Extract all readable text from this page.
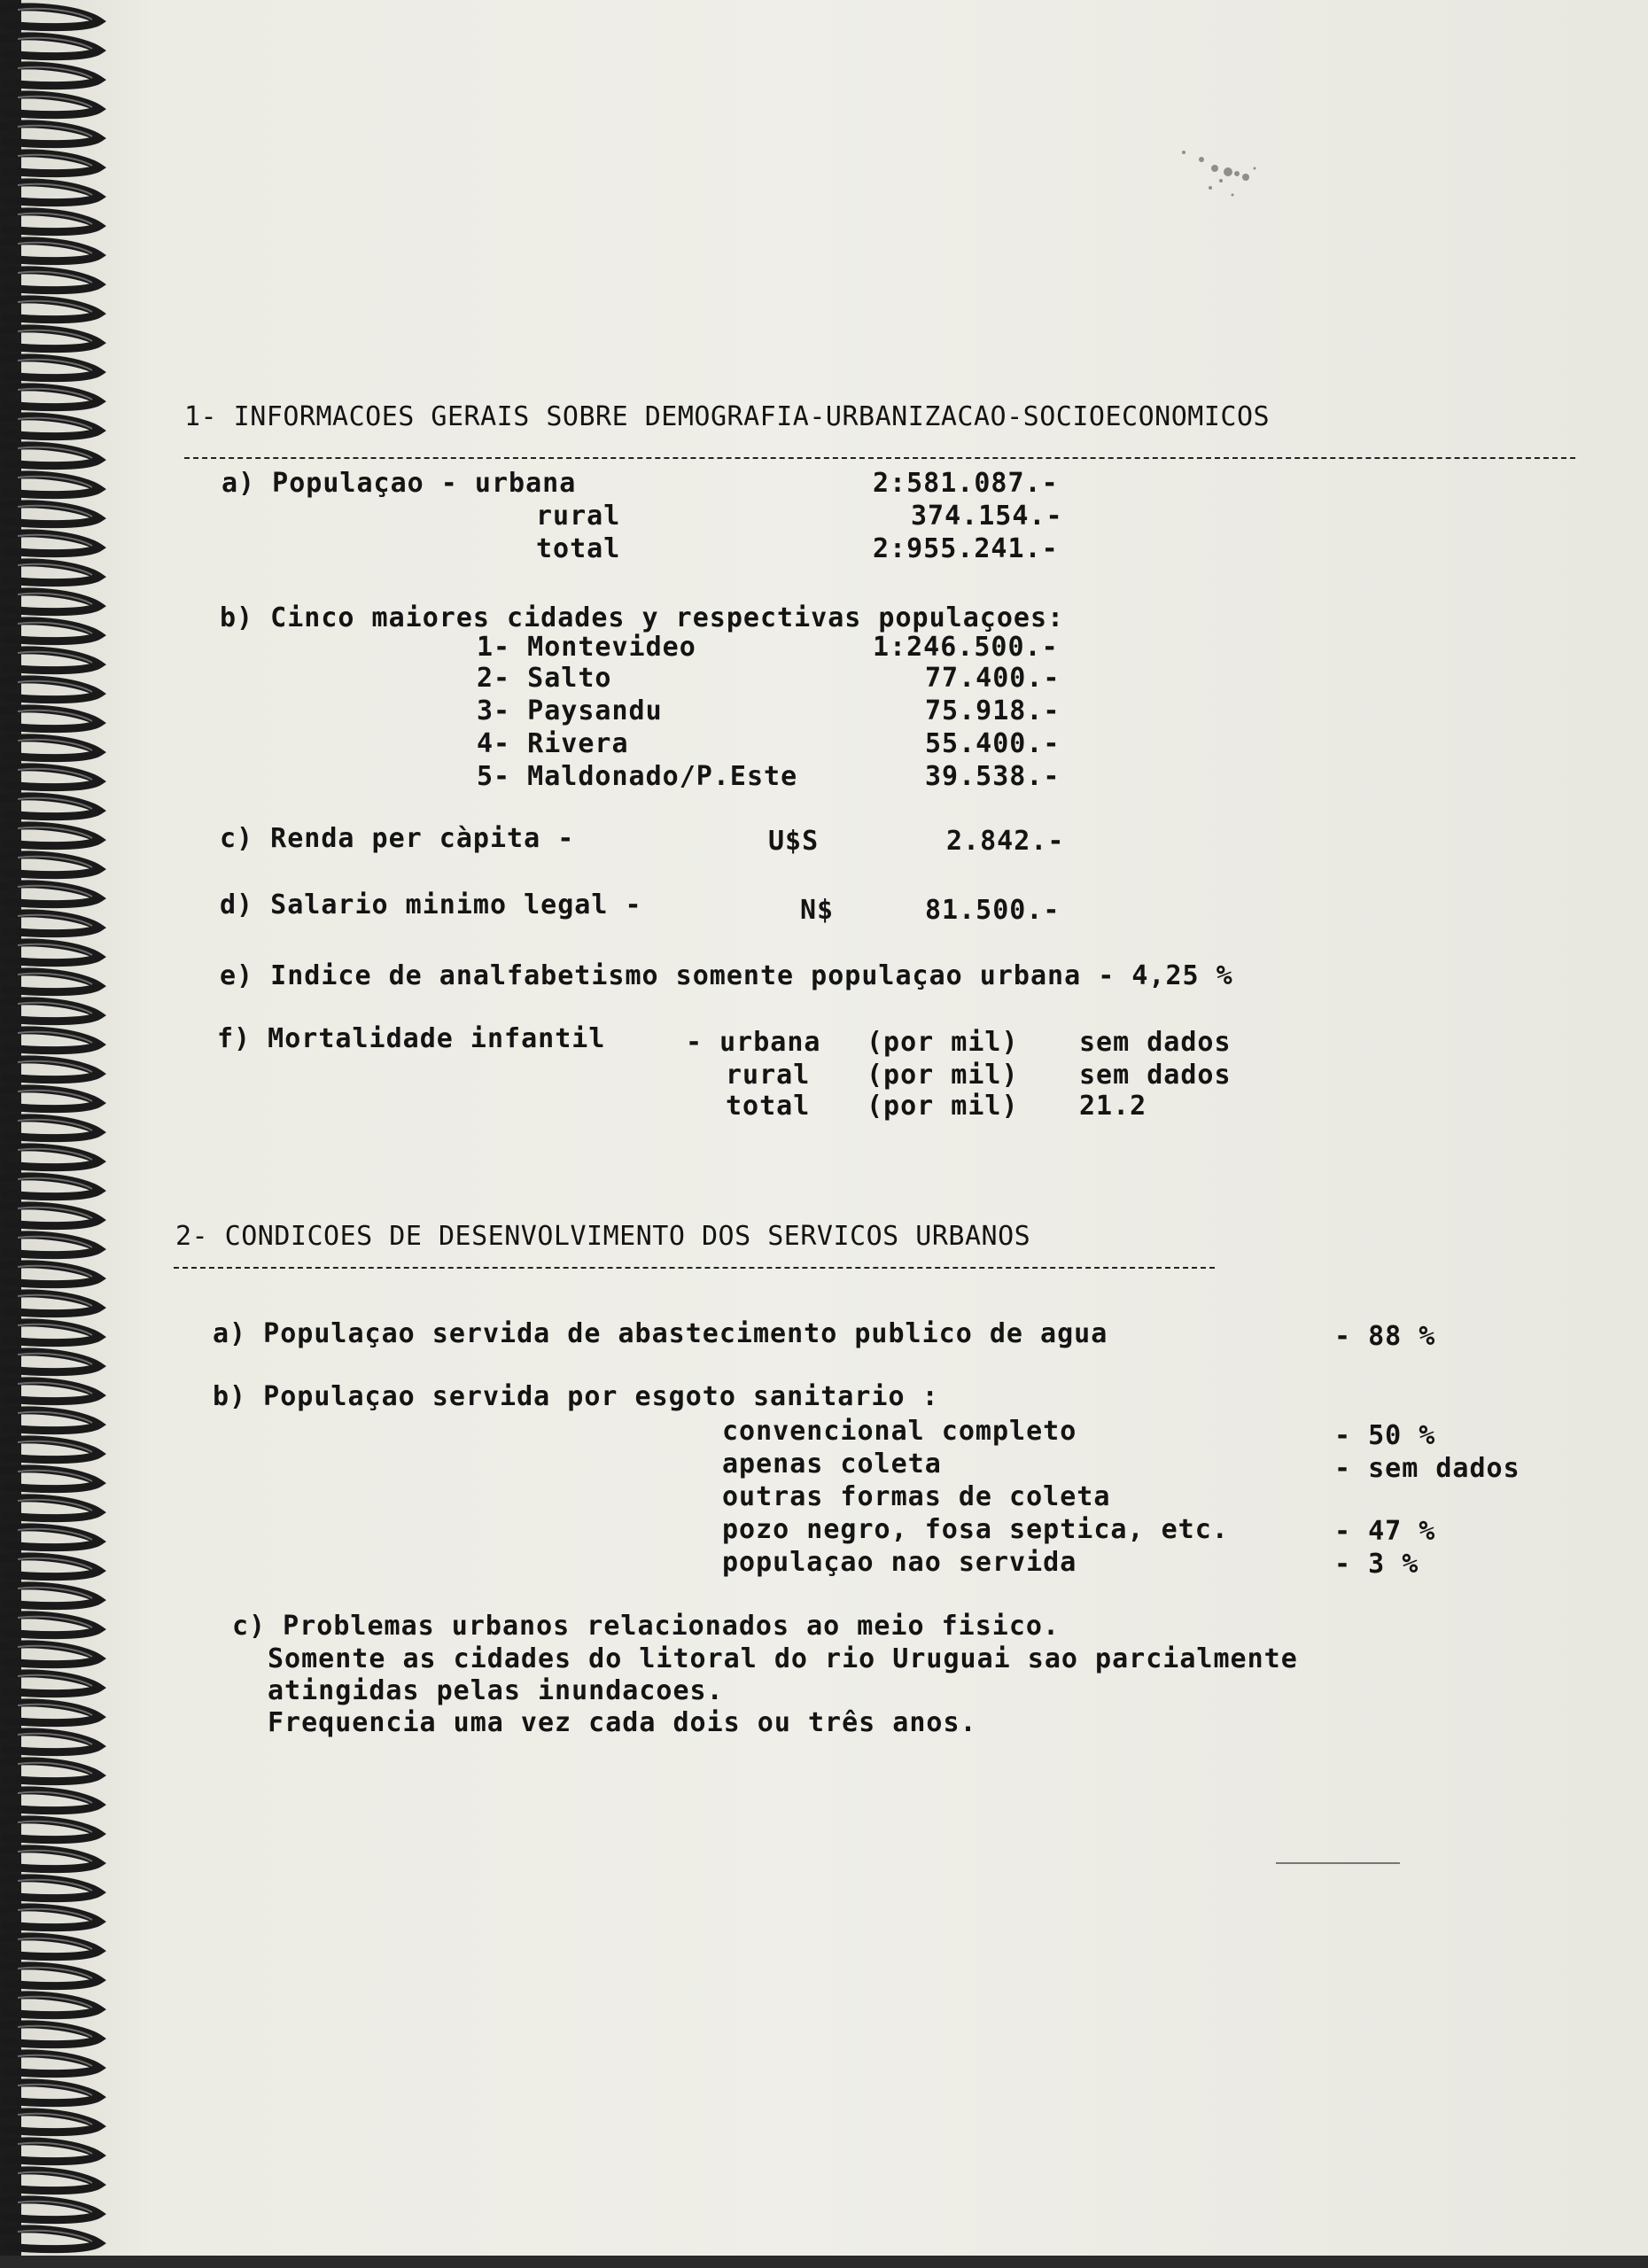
1- INFORMACOES GERAIS SOBRE DEMOGRAFIA-URBANIZACAO-SOCIOECONOMICOS
a) Populaçao - urbana	2:581.087.-
rural	374.154.-
total	2:955.241.-
b) Cinco maiores cidades y respectivas populaçoes:
1- Montevideo	1:246.500.-
2- Salto	77.400.-
3- Paysandu	75.918.-
4- Rivera	55.400.-
5- Maldonado/P.Este	39.538.-
c) Renda per càpita -	U$S	2.842.-
d) Salario minimo legal -	N$	81.500.-
e) Indice de analfabetismo somente populaçao urbana - 4,25 %
f) Mortalidade infantil	- urbana (por mil) sem dados
rural (por mil) sem dados
total (por mil) 21.2
2- CONDICOES DE DESENVOLVIMENTO DOS SERVICOS URBANOS
a) Populaçao servida de abastecimento publico de agua	- 88 %
b) Populaçao servida por esgoto sanitario :
convencional completo	- 50 %
apenas coleta	- sem dados
outras formas de coleta
pozo negro, fosa septica, etc.	- 47 %
populaçao nao servida	- 3 %
c) Problemas urbanos relacionados ao meio fisico.
Somente as cidades do litoral do rio Uruguai sao parcialmente
atingidas pelas inundacoes.
Frequencia uma vez cada dois ou três anos.
